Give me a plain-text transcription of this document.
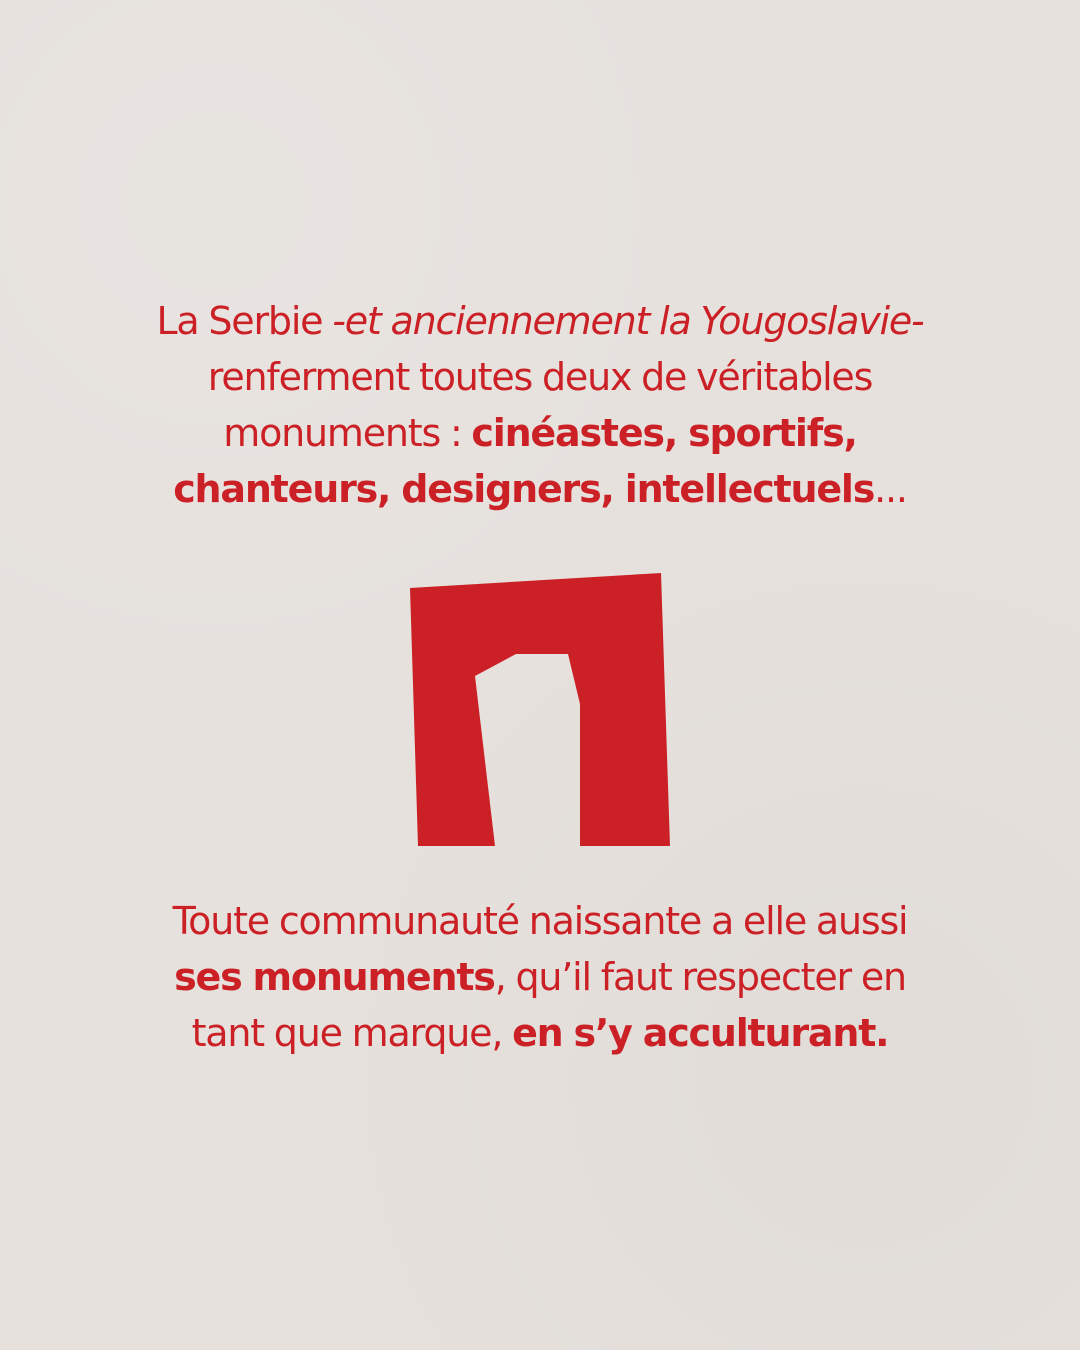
La Serbie -et anciennement la Yougoslavie-
renferment toutes deux de véritables
monuments : cinéastes, sportifs,
chanteurs, designers, intellectuels...
Toute communauté naissante a elle aussi
ses monuments, qu’il faut respecter en
tant que marque, en s’y acculturant.
